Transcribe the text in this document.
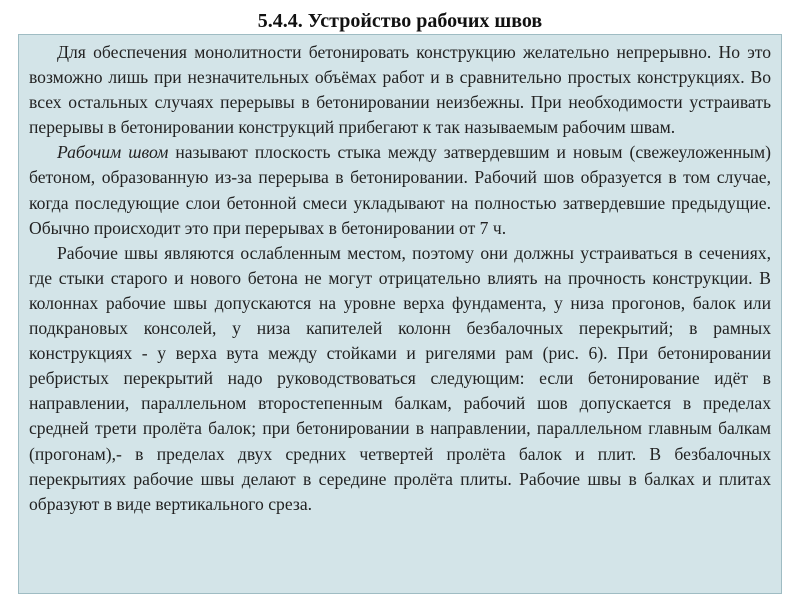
5.4.4. Устройство рабочих швов

Для обеспечения монолитности бетонировать конструкцию желательно непрерывно. Но это возможно лишь при незначительных объёмах работ и в сравнительно простых конструкциях. Во всех остальных случаях перерывы в бетонировании неизбежны. При необходимости устраивать перерывы в бетонировании конструкций прибегают к так называемым рабочим швам.

Рабочим швом называют плоскость стыка между затвердевшим и новым (свежеуложенным) бетоном, образованную из-за перерыва в бетонировании. Рабочий шов образуется в том случае, когда последующие слои бетонной смеси укладывают на полностью затвердевшие предыдущие. Обычно происходит это при перерывах в бетонировании от 7 ч.

Рабочие швы являются ослабленным местом, поэтому они должны устраиваться в сечениях, где стыки старого и нового бетона не могут отрицательно влиять на прочность конструкции. В колоннах рабочие швы допускаются на уровне верха фундамента, у низа прогонов, балок или подкрановых консолей, у низа капителей колонн безбалочных перекрытий; в рамных конструкциях - у верха вута между стойками и ригелями рам (рис. 6). При бетонировании ребристых перекрытий надо руководствоваться следующим: если бетонирование идёт в направлении, параллельном второстепенным балкам, рабочий шов допускается в пределах средней трети пролёта балок; при бетонировании в направлении, параллельном главным балкам (прогонам),- в пределах двух средних четвертей пролёта балок и плит. В безбалочных перекрытиях рабочие швы делают в середине пролёта плиты. Рабочие швы в балках и плитах образуют в виде вертикального среза.
